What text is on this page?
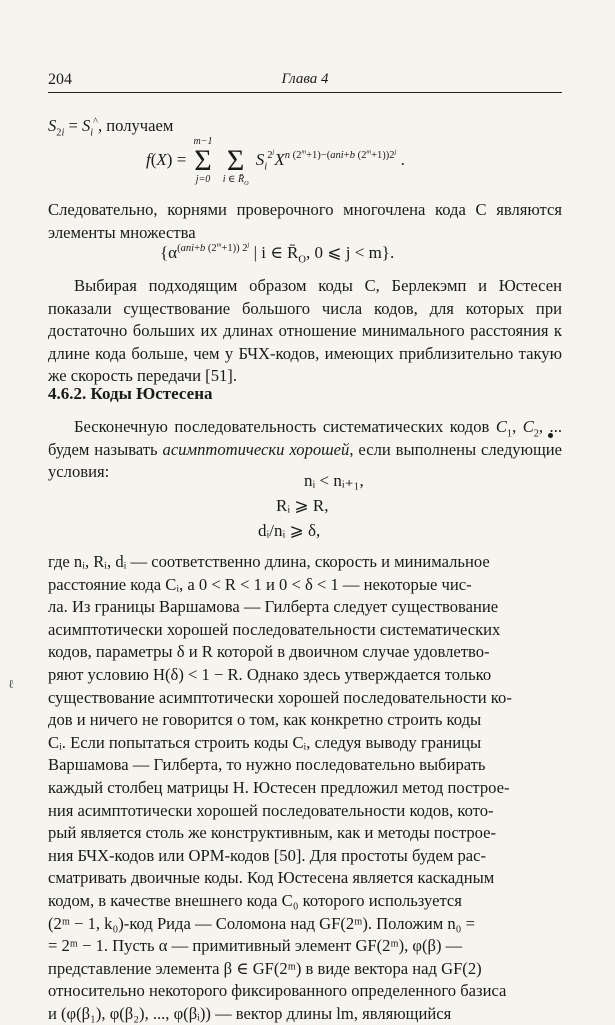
204	Глава 4
$S_{2i} = S_i^{\^{}}$, получаем
f(X) =
m−1
Σ
j=0

Σ
i ∈ $R̄_O$
$S_i^{2^j}X^{n (2^m+1)-(ani+b (2^m+1))2^j}$ .

Следовательно, корнями проверочного многочлена кода C являются элементы множества

{$\alpha^{(ani+b (2^m+1)) 2^j}$ | i ∈ $R̄_O$, 0 ⩽ j < m}.

Выбирая подходящим образом коды C, Берлекэмп и Юстесен показали существование большого числа кодов, для которых при достаточно больших их длинах отношение минимального расстояния к длине кода больше, чем у БЧХ-кодов, имеющих приблизительно такую же скорость передачи [51].

4.6.2. Коды Юстесена

Бесконечную последовательность систематических кодов $C_1$, $C_2$, ... будем называть асимптотически хорошей, если выполнены следующие условия:	nᵢ < nᵢ₊₁,
Rᵢ ⩾ R,
dᵢ/nᵢ ⩾ δ,

где nᵢ, Rᵢ, dᵢ — соответственно длина, скорость и минимальное

расстояние кода Cᵢ, а 0 < R < 1 и 0 < δ < 1 — некоторые чис-

ла. Из границы Варшамова — Гилберта следует существование

асимптотически хорошей последовательности систематических

кодов, параметры δ и R которой в двоичном случае удовлетво-

ряют условию H(δ) < 1 − R. Однако здесь утверждается только

существование асимптотически хорошей последовательности ко-

дов и ничего не говорится о том, как конкретно строить коды

Cᵢ. Если попытаться строить коды Cᵢ, следуя выводу границы

Варшамова — Гилберта, то нужно последовательно выбирать

каждый столбец матрицы H. Юстесен предложил метод построе-

ния асимптотически хорошей последовательности кодов, кото-

рый является столь же конструктивным, как и методы построе-

ния БЧХ-кодов или ОРМ-кодов [50]. Для простоты будем рас-

сматривать двоичные коды. Код Юстесена является каскадным

кодом, в качестве внешнего кода C₀ которого используется

(2ᵐ − 1, k₀)-код Рида — Соломона над GF(2ᵐ). Положим n₀ =

= 2ᵐ − 1. Пусть α — примитивный элемент GF(2ᵐ), φ(β) —

представление элемента β ∈ GF(2ᵐ) в виде вектора над GF(2)

относительно некоторого фиксированного определенного базиса

и (φ(β₁), φ(β₂), ..., φ(βᵢ)) — вектор длины lm, являющийся

ℓ
